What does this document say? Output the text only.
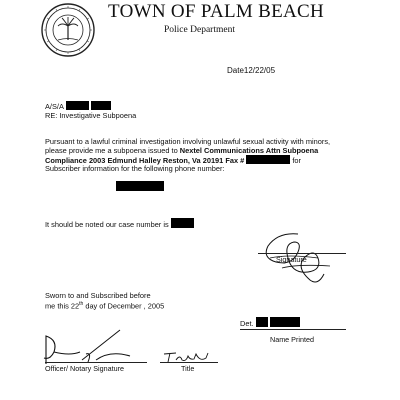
TOWN OF PALM BEACH
Police Department
Date12/22/05
A/S/A
RE: Investigative Subpoena
Pursuant to a lawful criminal investigation involving unlawful sexual activity with minors,
please provide me a subpoena issued to Nextel Communications Attn Subpoena
Compliance 2003 Edmund Halley Reston, Va 20191 Fax #	for
Subscriber information for the following phone number:
It should be noted our case number is
Signature
Sworn to and Subscribed before
me this 22th day of December , 2005
Det.
Name Printed
Officer/ Notary Signature	Title
